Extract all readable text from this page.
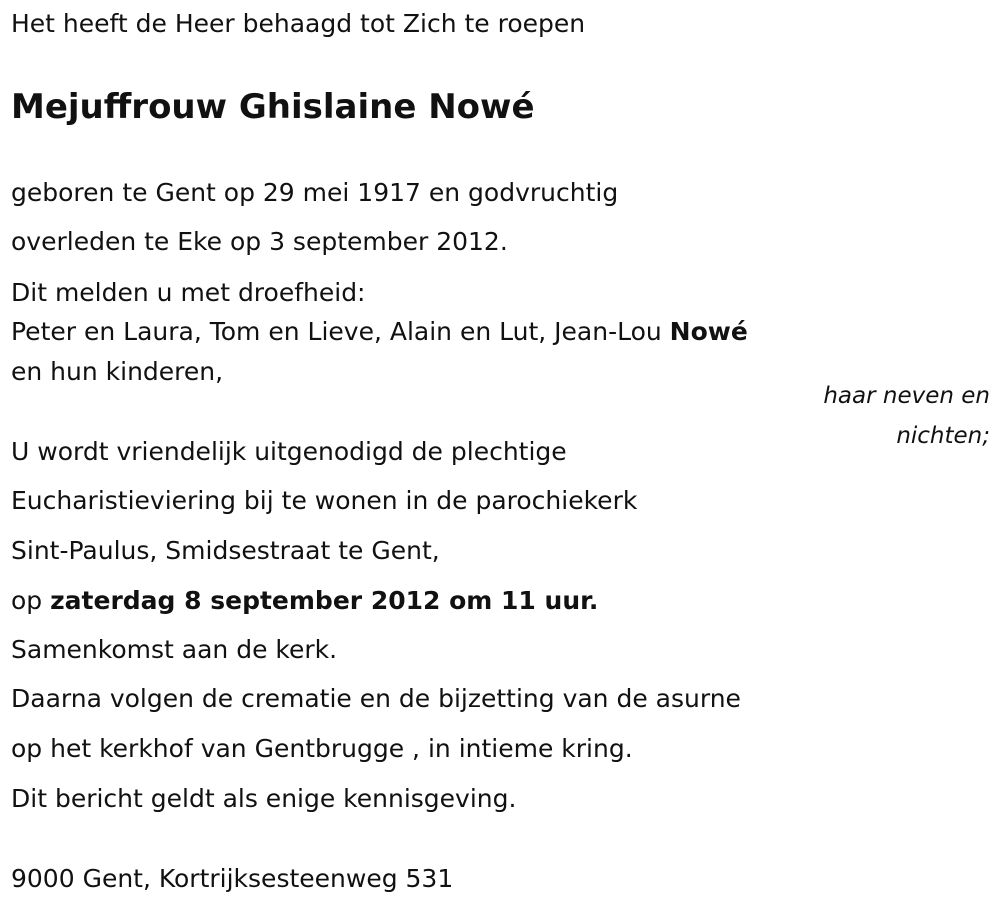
Het heeft de Heer behaagd tot Zich te roepen
Mejuffrouw Ghislaine Nowé
geboren te Gent op 29 mei 1917 en godvruchtig
overleden te Eke op 3 september 2012.
Dit melden u met droefheid:
Peter en Laura, Tom en Lieve, Alain en Lut, Jean-Lou Nowé
en hun kinderen,
haar neven en
nichten;
U wordt vriendelijk uitgenodigd de plechtige
Eucharistieviering bij te wonen in de parochiekerk
Sint-Paulus, Smidsestraat te Gent,
op zaterdag 8 september 2012 om 11 uur.
Samenkomst aan de kerk.
Daarna volgen de crematie en de bijzetting van de asurne
op het kerkhof van Gentbrugge , in intieme kring.
Dit bericht geldt als enige kennisgeving.
9000 Gent, Kortrijksesteenweg 531
